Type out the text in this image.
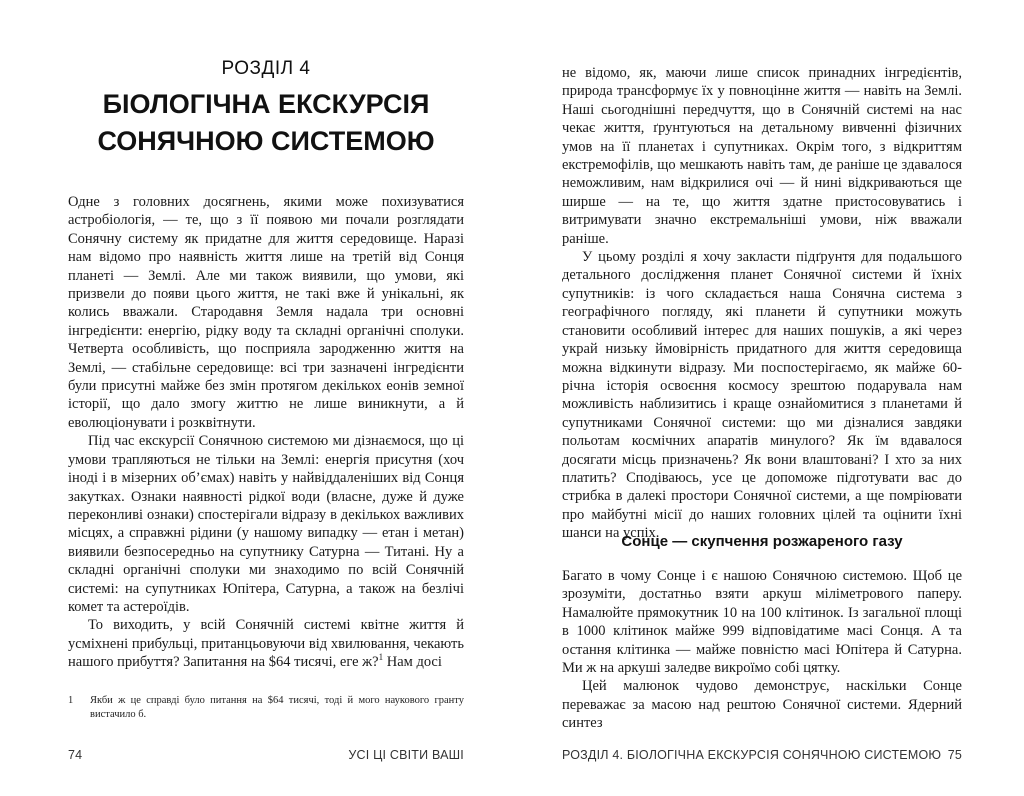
РОЗДІЛ 4
БІОЛОГІЧНА ЕКСКУРСІЯ
СОНЯЧНОЮ СИСТЕМОЮ

Одне з головних досягнень, якими може похизуватися астробіологія, — те, що з її появою ми почали розглядати Сонячну систему як придатне для життя середовище. Наразі нам відомо про наявність життя лише на третій від Сонця планеті — Землі. Але ми також виявили, що умови, які призвели до появи цього життя, не такі вже й унікальні, як колись вважали. Стародавня Земля надала три основні інгредієнти: енергію, рідку воду та складні органічні сполуки. Четверта особливість, що посприяла зародженню життя на Землі, — стабільне середовище: всі три зазначені інгредієнти були присутні майже без змін протягом декількох еонів земної історії, що дало змогу життю не лише виникнути, а й еволюціонувати і розквітнути.

Під час екскурсії Сонячною системою ми дізнаємося, що ці умови трапляються не тільки на Землі: енергія присутня (хоч іноді і в мізерних об’ємах) навіть у найвіддаленіших від Сонця закутках. Ознаки наявності рідкої води (власне, дуже й дуже переконливі ознаки) спостерігали відразу в декількох важливих місцях, а справжні рідини (у нашому випадку — етан і метан) виявили безпосередньо на супутнику Сатурна — Титані. Ну а складні органічні сполуки ми знаходимо по всій Сонячній системі: на супутниках Юпітера, Сатурна, а також на безлічі комет та астероїдів.

То виходить, у всій Сонячній системі квітне життя й усміхнені прибульці, пританцьовуючи від хвилювання, чекають нашого прибуття? Запитання на $64 тисячі, еге ж?$^1$ Нам досі

1	Якби ж це справді було питання на $64 тисячі, тоді й мого наукового гранту вистачило б.
74	УСІ ЦІ СВІТИ ВАШІ

не відомо, як, маючи лише список принадних інгредієнтів, природа трансформує їх у повноцінне життя — навіть на Землі. Наші сьогоднішні передчуття, що в Сонячній системі на нас чекає життя, ґрунтуються на детальному вивченні фізичних умов на її планетах і супутниках. Окрім того, з відкриттям екстремофілів, що мешкають навіть там, де раніше це здавалося неможливим, нам відкрилися очі — й нині відкриваються ще ширше — на те, що життя здатне пристосовуватись і витримувати значно екстремальніші умови, ніж вважали раніше.

У цьому розділі я хочу закласти підґрунтя для подальшого детального дослідження планет Сонячної системи й їхніх супутників: із чого складається наша Сонячна система з географічного погляду, які планети й супутники можуть становити особливий інтерес для наших пошуків, а які через украй низьку ймовірність придатного для життя середовища можна відкинути відразу. Ми поспостерігаємо, як майже 60-річна історія освоєння космосу зрештою подарувала нам можливість наблизитись і краще ознайомитися з планетами й супутниками Сонячної системи: що ми дізналися завдяки польотам космічних апаратів минулого? Як їм вдавалося досягати місць призначень? Як вони влаштовані? І хто за них платить? Сподіваюсь, усе це допоможе підготувати вас до стрибка в далекі простори Сонячної системи, а ще помріювати про майбутні місії до наших головних цілей та оцінити їхні шанси на успіх.

Сонце — скупчення розжареного газу

Багато в чому Сонце і є нашою Сонячною системою. Щоб це зрозуміти, достатньо взяти аркуш міліметрового паперу. Намалюйте прямокутник 10 на 100 клітинок. Із загальної площі в 1000 клітинок майже 999 відповідатиме масі Сонця. А та остання клітинка — майже повністю масі Юпітера й Сатурна. Ми ж на аркуші заледве викроїмо собі цятку.

Цей малюнок чудово демонструє, наскільки Сонце переважає за масою над рештою Сонячної системи. Ядерний синтез

РОЗДІЛ 4. БІОЛОГІЧНА ЕКСКУРСІЯ СОНЯЧНОЮ СИСТЕМОЮ 75
